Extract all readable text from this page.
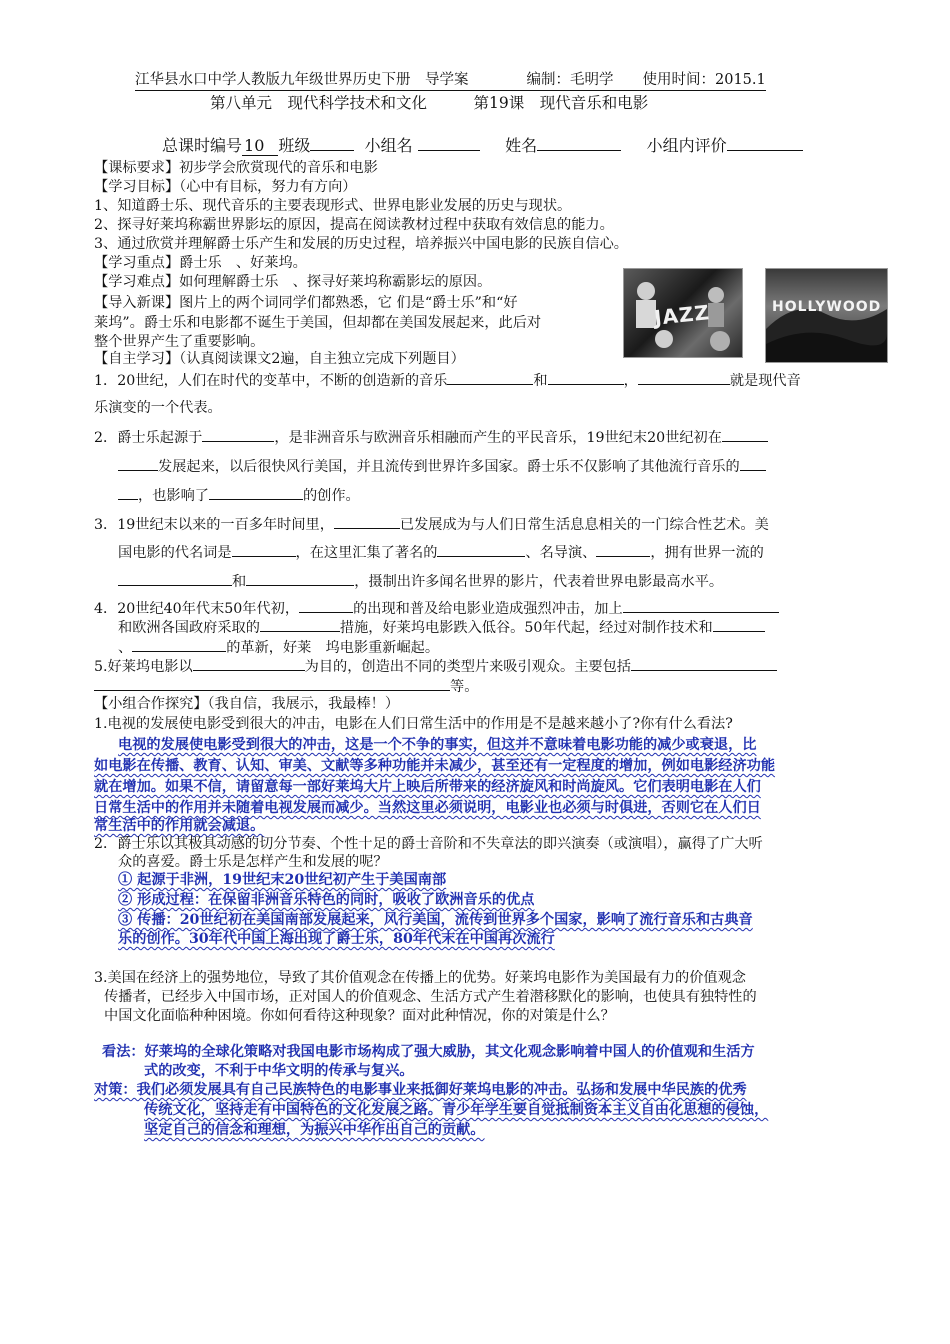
江华县水口中学人教版九年级世界历史下册　导学案　　　　编制：毛明学　　使用时间：2015.1
第八单元　现代科学技术和文化　　　第19课　现代音乐和电影
总课时编号 10 班级	小组名	姓名	小组内评价
【课标要求】初步学会欣赏现代的音乐和电影
【学习目标】（心中有目标，努力有方向）
1、知道爵士乐、现代音乐的主要表现形式、世界电影业发展的历史与现状。
2、探寻好莱坞称霸世界影坛的原因，提高在阅读教材过程中获取有效信息的能力。
3、通过欣赏并理解爵士乐产生和发展的历史过程，培养振兴中国电影的民族自信心。
【学习重点】爵士乐　、好莱坞。
【学习难点】如何理解爵士乐　、探寻好莱坞称霸影坛的原因。
【导入新课】图片上的两个词同学们都熟悉，它 们是“爵士乐”和“好
莱坞”。爵士乐和电影都不诞生于美国，但却都在美国发展起来，此后对
整个世界产生了重要影响。
【自主学习】（认真阅读课文2遍，自主独立完成下列题目）
JAZZ	HOLLYWOOD
1．20世纪，人们在时代的变革中，不断的创造新的音乐	和	，	就是现代音
乐演变的一个代表。
2．爵士乐起源于	，是非洲音乐与欧洲音乐相融而产生的平民音乐，19世纪末20世纪初在
发展起来，以后很快风行美国，并且流传到世界许多国家。爵士乐不仅影响了其他流行音乐的
，也影响了	的创作。
3．19世纪末以来的一百多年时间里，	已发展成为与人们日常生活息息相关的一门综合性艺术。美
国电影的代名词是	，在这里汇集了著名的	、名导演、	，拥有世界一流的
和	，摄制出许多闻名世界的影片，代表着世界电影最高水平。
4．20世纪40年代末50年代初，	的出现和普及给电影业造成强烈冲击，加上
和欧洲各国政府采取的	措施，好莱坞电影跌入低谷。50年代起，经过对制作技术和
、	的革新，好莱　坞电影重新崛起。
5.好莱坞电影以	为目的，创造出不同的类型片来吸引观众。主要包括
等。
【小组合作探究】（我自信，我展示，我最棒！）
1.电视的发展使电影受到很大的冲击，电影在人们日常生活中的作用是不是越来越小了?你有什么看法?
电视的发展使电影受到很大的冲击，这是一个不争的事实，但这并不意味着电影功能的减少或衰退，比
如电影在传播、教育、认知、审美、文献等多种功能并未减少，甚至还有一定程度的增加，例如电影经济功能
就在增加。如果不信，请留意每一部好莱坞大片上映后所带来的经济旋风和时尚旋风。它们表明电影在人们
日常生活中的作用并未随着电视发展而减少。当然这里必须说明，电影业也必须与时俱进，否则它在人们日
常生活中的作用就会减退。
2．爵士乐以其极具动感的切分节奏、个性十足的爵士音阶和不失章法的即兴演奏（或演唱），赢得了广大听
众的喜爱。爵士乐是怎样产生和发展的呢？
① 起源于非洲，19世纪末20世纪初产生于美国南部
② 形成过程：在保留非洲音乐特色的同时，吸收了欧洲音乐的优点
③ 传播：20世纪初在美国南部发展起来，风行美国，流传到世界多个国家，影响了流行音乐和古典音
乐的创作。30年代中国上海出现了爵士乐，80年代末在中国再次流行
3.美国在经济上的强势地位，导致了其价值观念在传播上的优势。好莱坞电影作为美国最有力的价值观念
传播者，已经步入中国市场，正对国人的价值观念、生活方式产生着潜移默化的影响，也使具有独特性的
中国文化面临种种困境。你如何看待这种现象？面对此种情况，你的对策是什么？
看法：好莱坞的全球化策略对我国电影市场构成了强大威胁，其文化观念影响着中国人的价值观和生活方
式的改变，不利于中华文明的传承与复兴。
对策：我们必须发展具有自己民族特色的电影事业来抵御好莱坞电影的冲击。弘扬和发展中华民族的优秀
传统文化，坚持走有中国特色的文化发展之路。青少年学生要自觉抵制资本主义自由化思想的侵蚀，
坚定自己的信念和理想，为振兴中华作出自己的贡献。
